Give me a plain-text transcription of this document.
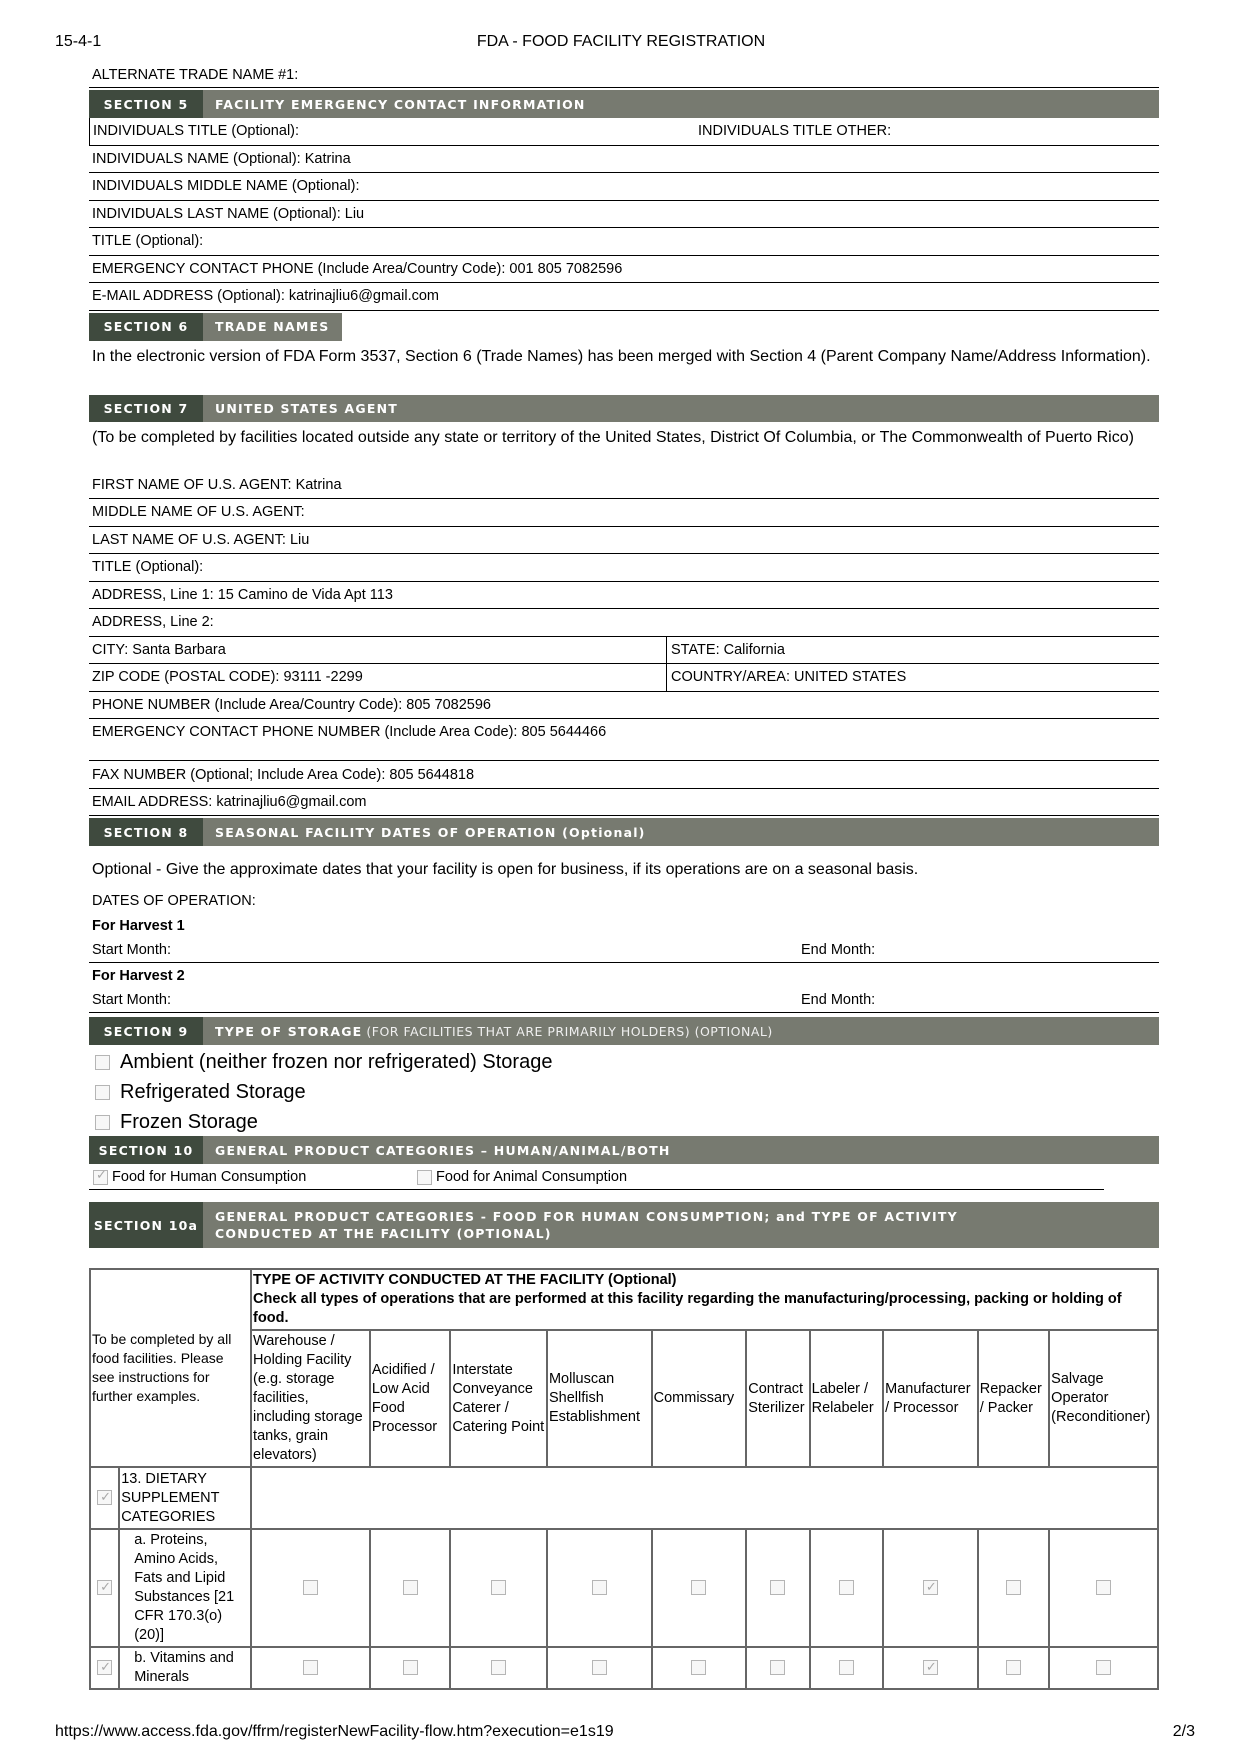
15-4-1	FDA - FOOD FACILITY REGISTRATION
ALTERNATE TRADE NAME #1:
SECTION 5	FACILITY EMERGENCY CONTACT INFORMATION
INDIVIDUALS TITLE (Optional):	INDIVIDUALS TITLE OTHER:
INDIVIDUALS NAME (Optional): Katrina
INDIVIDUALS MIDDLE NAME (Optional):
INDIVIDUALS LAST NAME (Optional): Liu
TITLE (Optional):
EMERGENCY CONTACT PHONE (Include Area/Country Code): 001 805 7082596
E-MAIL ADDRESS (Optional): katrinajliu6@gmail.com
SECTION 6	TRADE NAMES
In the electronic version of FDA Form 3537, Section 6 (Trade Names) has been merged with Section 4 (Parent Company Name/Address Information).
SECTION 7	UNITED STATES AGENT
(To be completed by facilities located outside any state or territory of the United States, District Of Columbia, or The Commonwealth of Puerto Rico)
FIRST NAME OF U.S. AGENT: Katrina
MIDDLE NAME OF U.S. AGENT:
LAST NAME OF U.S. AGENT: Liu
TITLE (Optional):
ADDRESS, Line 1: 15 Camino de Vida Apt 113
ADDRESS, Line 2:
CITY: Santa Barbara	STATE: California
ZIP CODE (POSTAL CODE): 93111 -2299	COUNTRY/AREA: UNITED STATES
PHONE NUMBER (Include Area/Country Code): 805 7082596
EMERGENCY CONTACT PHONE NUMBER (Include Area Code): 805 5644466
FAX NUMBER (Optional; Include Area Code): 805 5644818
EMAIL ADDRESS: katrinajliu6@gmail.com
SECTION 8	SEASONAL FACILITY DATES OF OPERATION (Optional)
Optional - Give the approximate dates that your facility is open for business, if its operations are on a seasonal basis.
DATES OF OPERATION:
For Harvest 1
Start Month:	End Month:
For Harvest 2
Start Month:	End Month:
SECTION 9	TYPE OF STORAGE (FOR FACILITIES THAT ARE PRIMARILY HOLDERS) (OPTIONAL)
Ambient (neither frozen nor refrigerated) Storage
Refrigerated Storage
Frozen Storage
SECTION 10	GENERAL PRODUCT CATEGORIES – HUMAN/ANIMAL/BOTH
✓ Food for Human Consumption	Food for Animal Consumption
SECTION 10a
GENERAL PRODUCT CATEGORIES - FOOD FOR HUMAN CONSUMPTION; and TYPE OF ACTIVITY
CONDUCTED AT THE FACILITY (OPTIONAL)
To be completed by all food facilities. Please see instructions for further examples.		TYPE OF ACTIVITY CONDUCTED AT THE FACILITY (Optional)
Check all types of operations that are performed at this facility regarding the manufacturing/processing, packing or holding of food.									

		Warehouse / Holding Facility (e.g. storage facilities, including storage tanks, grain elevators)	Acidified / Low Acid Food Processor	Interstate Conveyance Caterer / Catering Point	Molluscan Shellfish Establishment	Commissary	Contract Sterilizer	Labeler / Relabeler	Manufacturer / Processor	Repacker / Packer	Salvage Operator (Reconditioner)
✓	13. DIETARY SUPPLEMENT CATEGORIES										
✓	a. Proteins, Amino Acids, Fats and Lipid Substances [21 CFR 170.3(o)(20)]								✓		
✓	b. Vitamins and Minerals								✓		
https://www.access.fda.gov/ffrm/registerNewFacility-flow.htm?execution=e1s19	2/3
